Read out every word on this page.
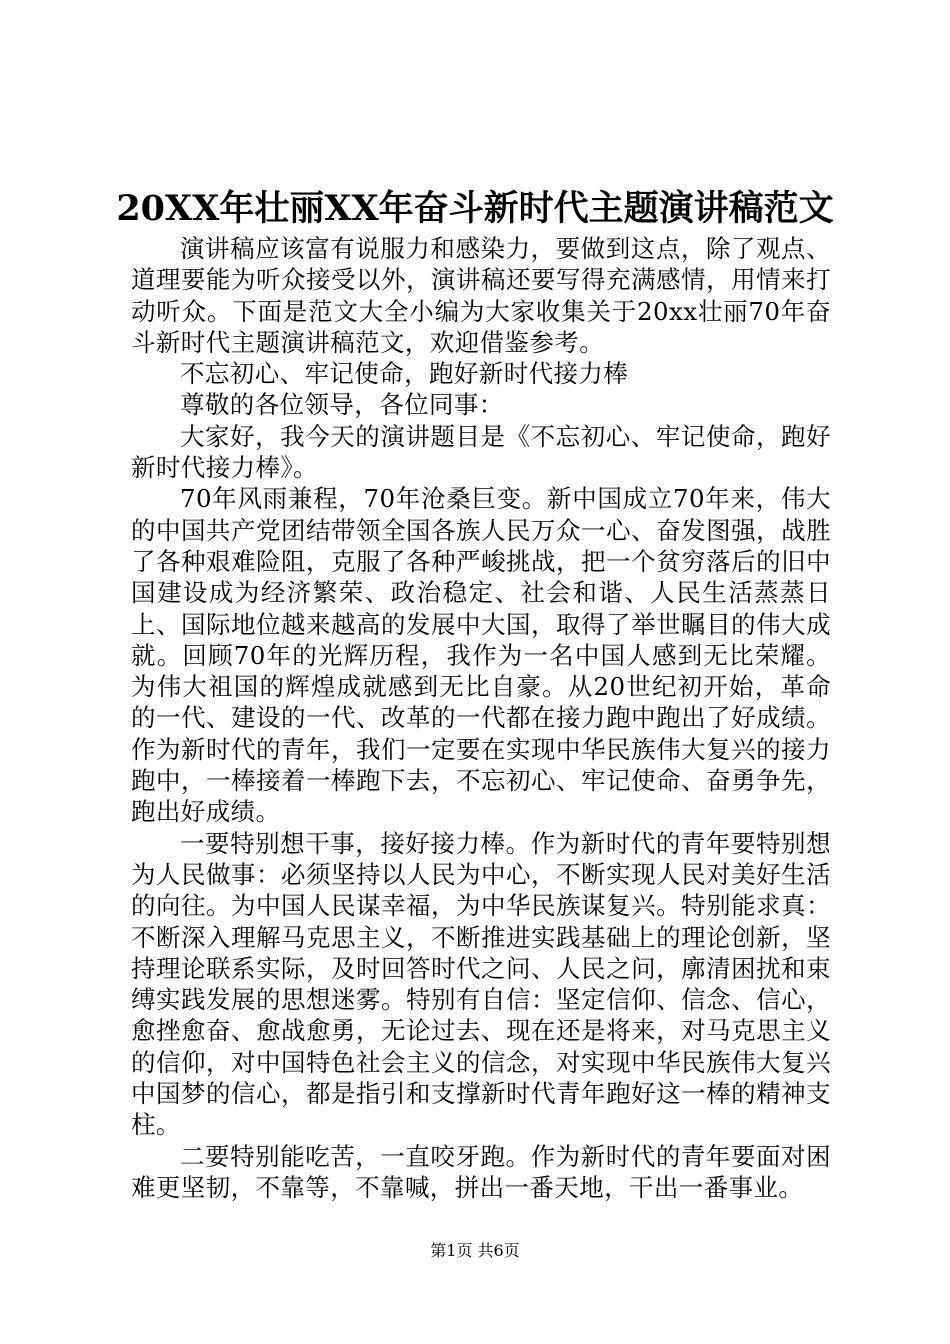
20XX年壮丽XX年奋斗新时代主题演讲稿范文

演讲稿应该富有说服力和感染力，要做到这点，除了观点、道理要能为听众接受以外，演讲稿还要写得充满感情，用情来打动听众。下面是范文大全小编为大家收集关于20xx壮丽70年奋斗新时代主题演讲稿范文，欢迎借鉴参考。

不忘初心、牢记使命，跑好新时代接力棒

尊敬的各位领导，各位同事：

大家好，我今天的演讲题目是《不忘初心、牢记使命，跑好新时代接力棒》。

70年风雨兼程，70年沧桑巨变。新中国成立70年来，伟大的中国共产党团结带领全国各族人民万众一心、奋发图强，战胜了各种艰难险阻，克服了各种严峻挑战，把一个贫穷落后的旧中国建设成为经济繁荣、政治稳定、社会和谐、人民生活蒸蒸日上、国际地位越来越高的发展中大国，取得了举世瞩目的伟大成就。回顾70年的光辉历程，我作为一名中国人感到无比荣耀。为伟大祖国的辉煌成就感到无比自豪。从20世纪初开始，革命的一代、建设的一代、改革的一代都在接力跑中跑出了好成绩。作为新时代的青年，我们一定要在实现中华民族伟大复兴的接力跑中，一棒接着一棒跑下去，不忘初心、牢记使命、奋勇争先，跑出好成绩。

一要特别想干事，接好接力棒。作为新时代的青年要特别想为人民做事：必须坚持以人民为中心，不断实现人民对美好生活的向往。为中国人民谋幸福，为中华民族谋复兴。特别能求真：不断深入理解马克思主义，不断推进实践基础上的理论创新，坚持理论联系实际，及时回答时代之问、人民之问，廓清困扰和束缚实践发展的思想迷雾。特别有自信：坚定信仰、信念、信心，愈挫愈奋、愈战愈勇，无论过去、现在还是将来，对马克思主义的信仰，对中国特色社会主义的信念，对实现中华民族伟大复兴中国梦的信心，都是指引和支撑新时代青年跑好这一棒的精神支柱。

二要特别能吃苦，一直咬牙跑。作为新时代的青年要面对困难更坚韧，不靠等，不靠喊，拼出一番天地，干出一番事业。

第1页 共6页
